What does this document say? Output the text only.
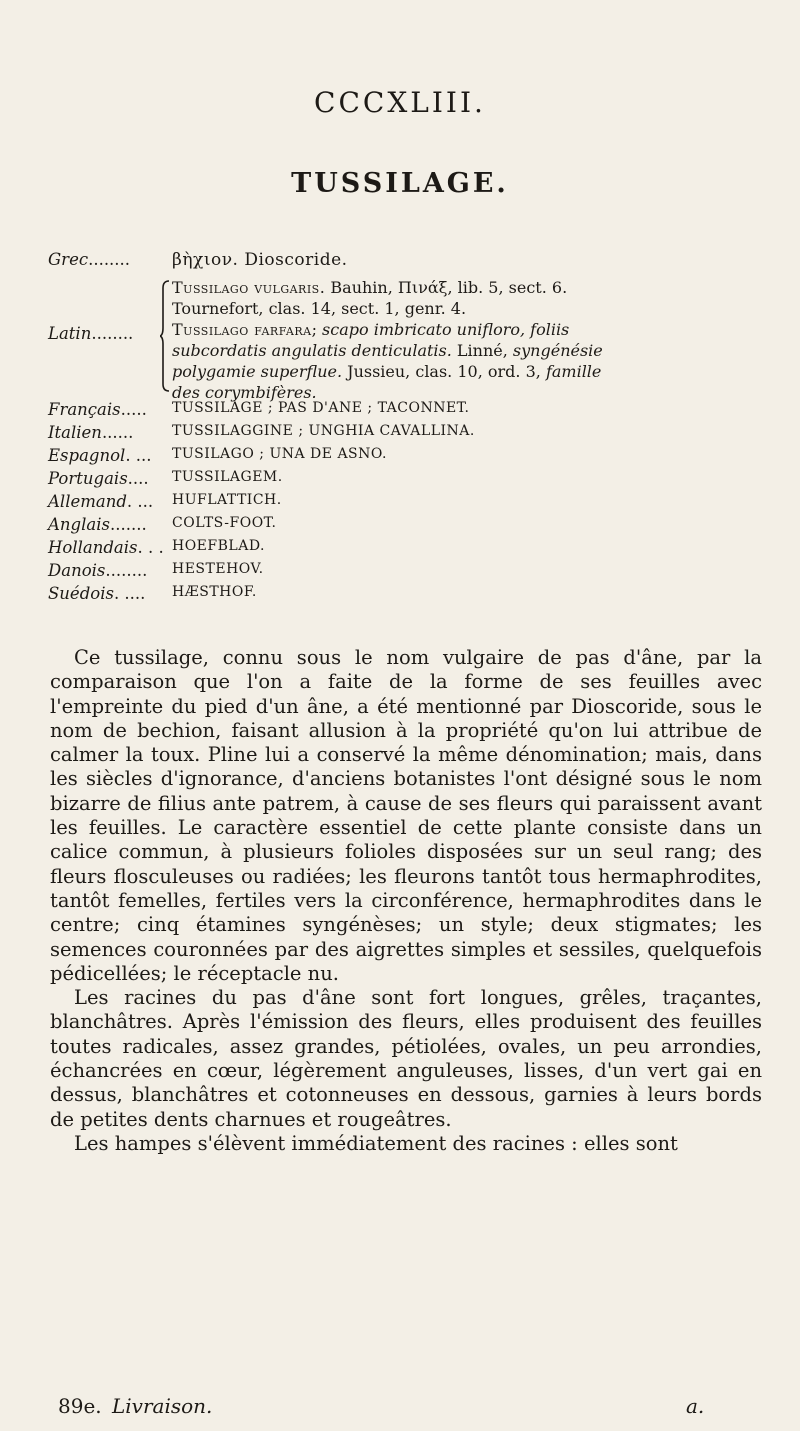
CCCXLIII.
TUSSILAGE.
Grec........	βὴχιον. Dioscoride.
Latin........
Tussilago vulgaris. Bauhin, Πινάξ, lib. 5, sect. 6.
Tournefort, clas. 14, sect. 1, genr. 4.
Tussilago farfara; scapo imbricato unifloro, foliis
subcordatis angulatis denticulatis. Linné, syngénésie
polygamie superflue. Jussieu, clas. 10, ord. 3, famille
des corymbifères.
Français.....	TUSSILAGE ; PAS D'ANE ; TACONNET.
Italien......	TUSSILAGGINE ; UNGHIA CAVALLINA.
Espagnol. ...	TUSILAGO ; UNA DE ASNO.
Portugais....	TUSSILAGEM.
Allemand. ...	HUFLATTICH.
Anglais.......	COLTS-FOOT.
Hollandais. . . HOEFBLAD.
Danois........	HESTEHOV.
Suédois. ....	HÆSTHOF.

Ce tussilage, connu sous le nom vulgaire de pas d'âne, par la comparaison que l'on a faite de la forme de ses feuilles avec l'empreinte du pied d'un âne, a été mentionné par Dioscoride, sous le nom de bechion, faisant allusion à la propriété qu'on lui attribue de calmer la toux. Pline lui a conservé la même dénomination; mais, dans les siècles d'ignorance, d'anciens botanistes l'ont désigné sous le nom bizarre de filius ante patrem, à cause de ses fleurs qui paraissent avant les feuilles. Le caractère essentiel de cette plante consiste dans un calice commun, à plusieurs folioles disposées sur un seul rang; des fleurs flosculeuses ou radiées; les fleurons tantôt tous hermaphrodites, tantôt femelles, fertiles vers la circonférence, hermaphrodites dans le centre; cinq étamines syngénèses; un style; deux stigmates; les semences couronnées par des aigrettes simples et sessiles, quelquefois pédicellées; le réceptacle nu.

Les racines du pas d'âne sont fort longues, grêles, traçantes, blanchâtres. Après l'émission des fleurs, elles produisent des feuilles toutes radicales, assez grandes, pétiolées, ovales, un peu arrondies, échancrées en cœur, légèrement anguleuses, lisses, d'un vert gai en dessus, blanchâtres et cotonneuses en dessous, garnies à leurs bords de petites dents charnues et rougeâtres.

Les hampes s'élèvent immédiatement des racines : elles sont

89e. Livraison.	a.
